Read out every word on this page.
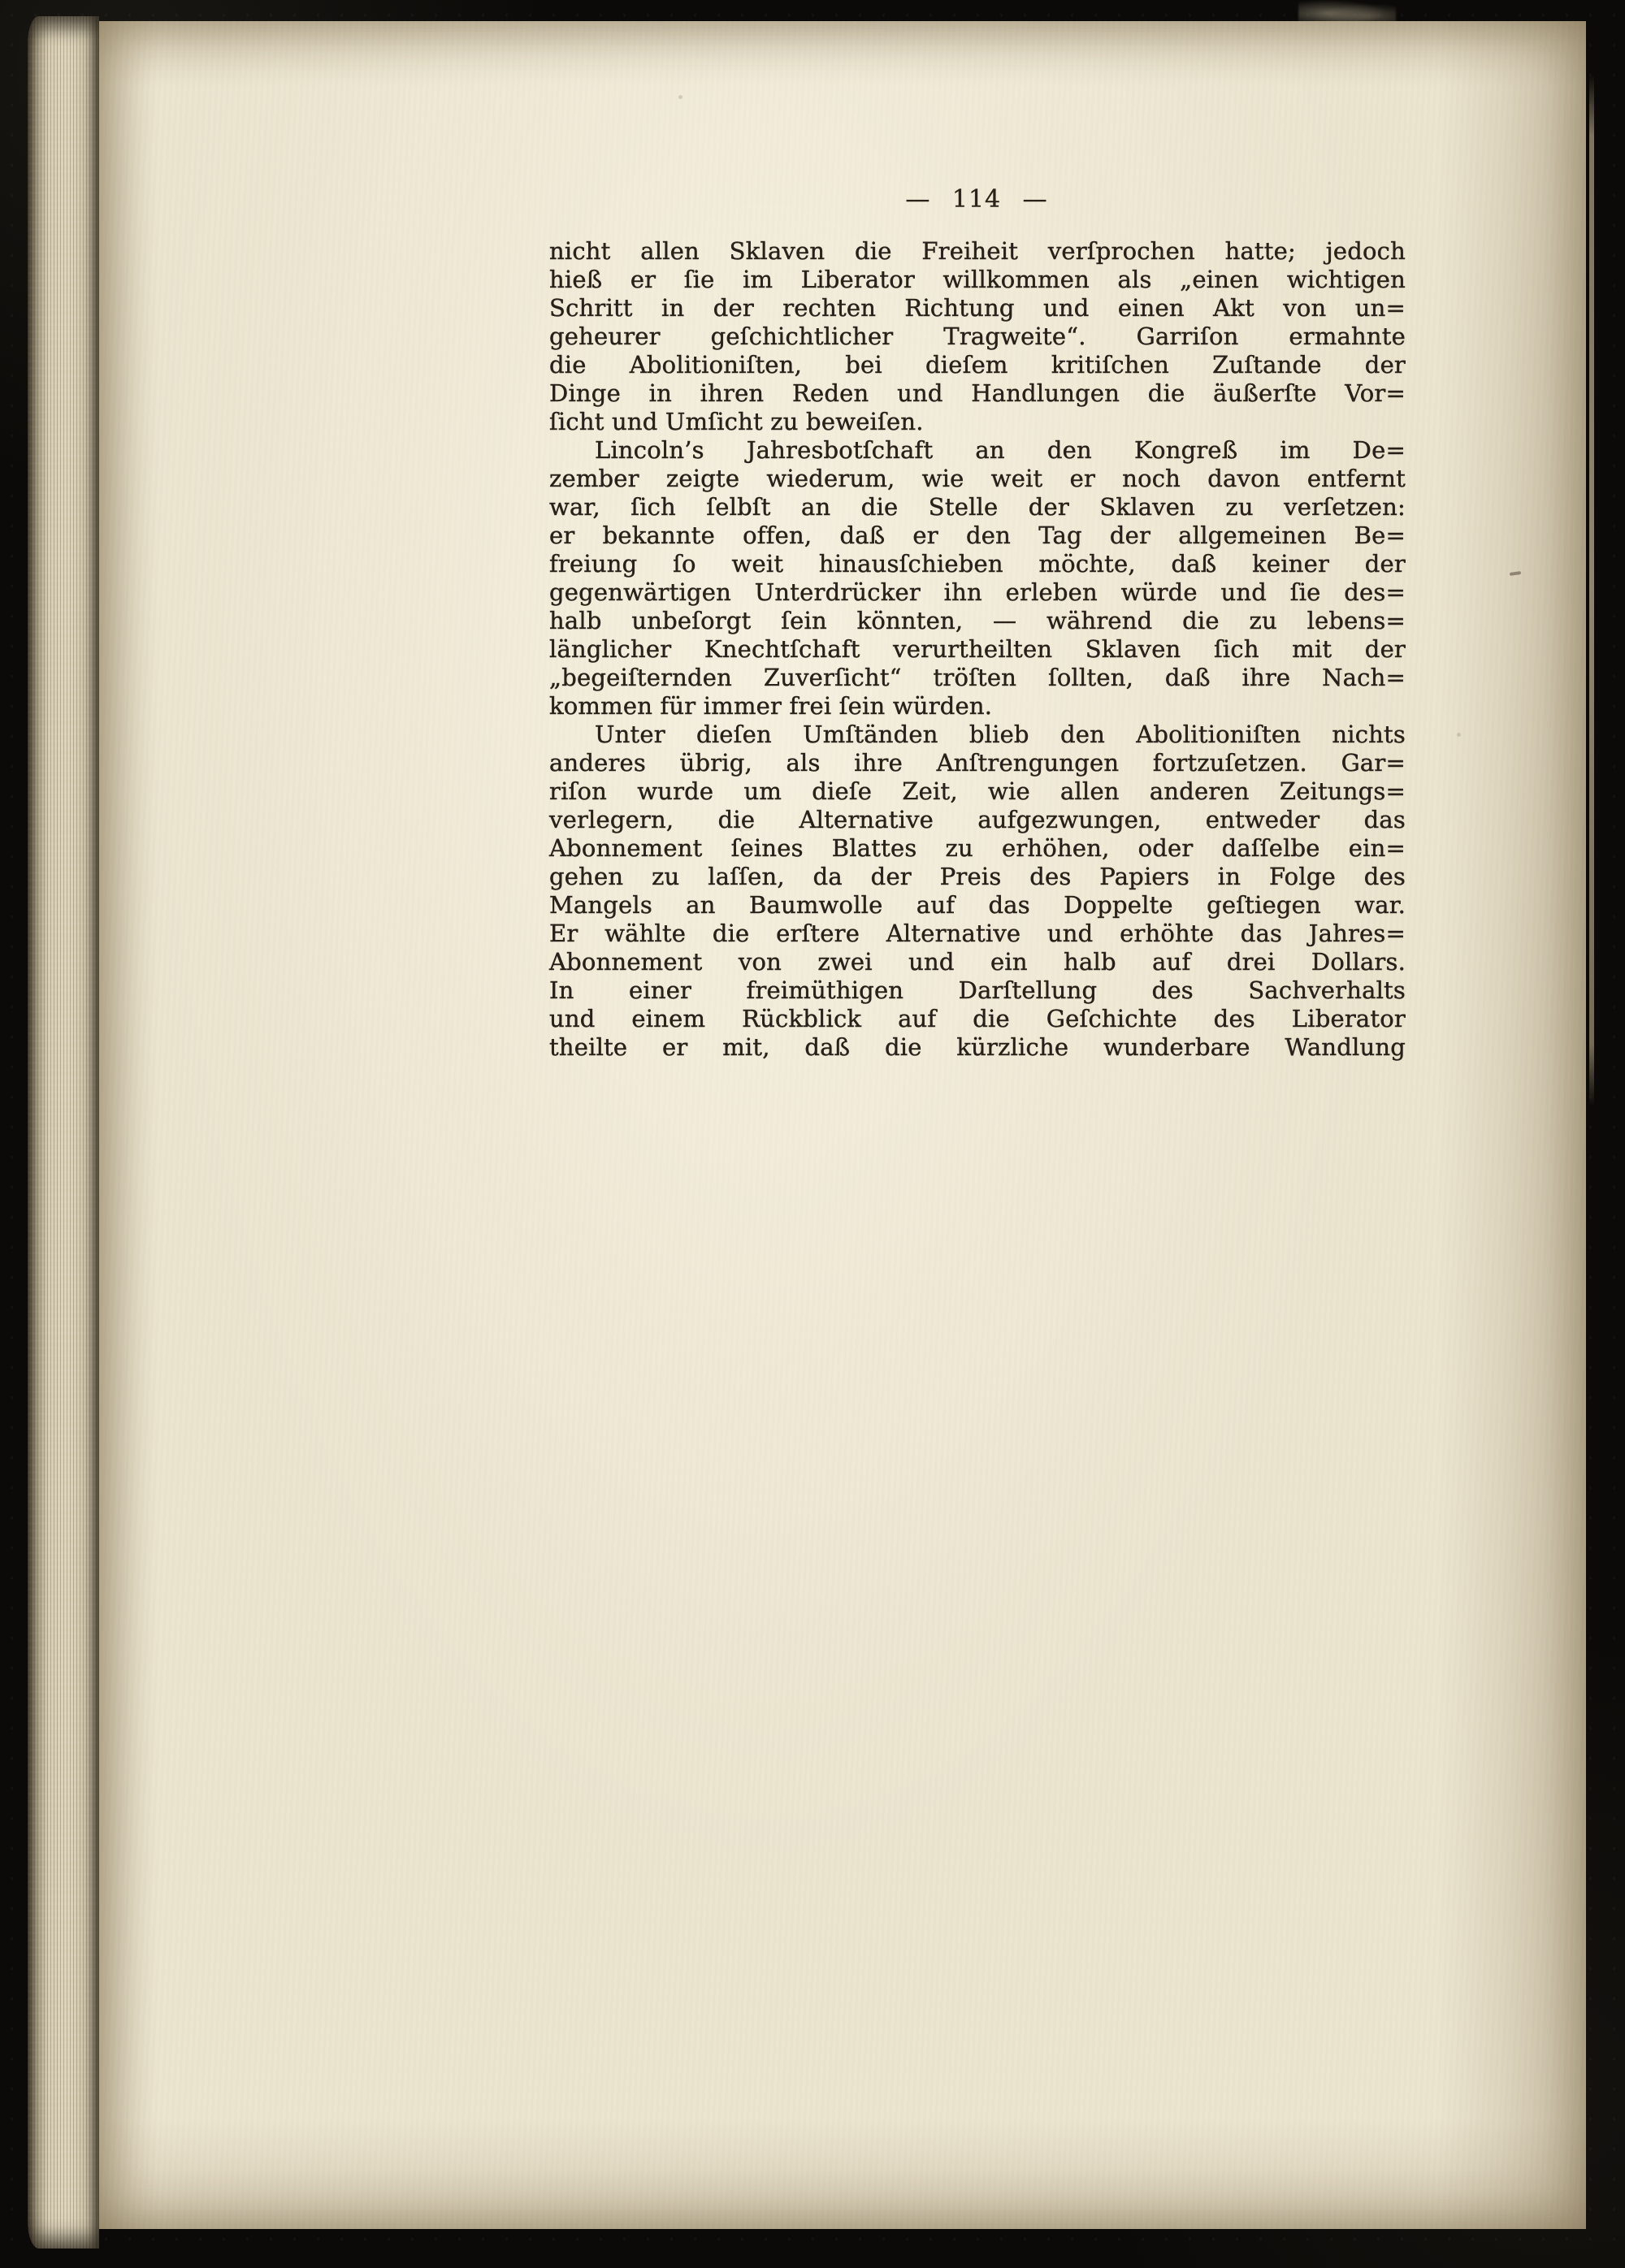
— 114 —
nicht allen Sklaven die Freiheit verſprochen hatte; jedoch
hieß er ſie im Liberator willkommen als „einen wichtigen
Schritt in der rechten Richtung und einen Akt von un=
geheurer geſchichtlicher Tragweite“. Garriſon ermahnte
die Abolitioniſten, bei dieſem kritiſchen Zuſtande der
Dinge in ihren Reden und Handlungen die äußerſte Vor=
ſicht und Umſicht zu beweiſen.
Lincoln’s Jahresbotſchaft an den Kongreß im De=
zember zeigte wiederum, wie weit er noch davon entfernt
war, ſich ſelbſt an die Stelle der Sklaven zu verſetzen:
er bekannte offen, daß er den Tag der allgemeinen Be=
freiung ſo weit hinausſchieben möchte, daß keiner der
gegenwärtigen Unterdrücker ihn erleben würde und ſie des=
halb unbeſorgt ſein könnten, — während die zu lebens=
länglicher Knechtſchaft verurtheilten Sklaven ſich mit der
„begeiſternden Zuverſicht“ tröſten ſollten, daß ihre Nach=
kommen für immer frei ſein würden.
Unter dieſen Umſtänden blieb den Abolitioniſten nichts
anderes übrig, als ihre Anſtrengungen fortzuſetzen. Gar=
riſon wurde um dieſe Zeit, wie allen anderen Zeitungs=
verlegern, die Alternative aufgezwungen, entweder das
Abonnement ſeines Blattes zu erhöhen, oder daſſelbe ein=
gehen zu laſſen, da der Preis des Papiers in Folge des
Mangels an Baumwolle auf das Doppelte geſtiegen war.
Er wählte die erſtere Alternative und erhöhte das Jahres=
Abonnement von zwei und ein halb auf drei Dollars.
In einer freimüthigen Darſtellung des Sachverhalts
und einem Rückblick auf die Geſchichte des Liberator
theilte er mit, daß die kürzliche wunderbare Wandlung
